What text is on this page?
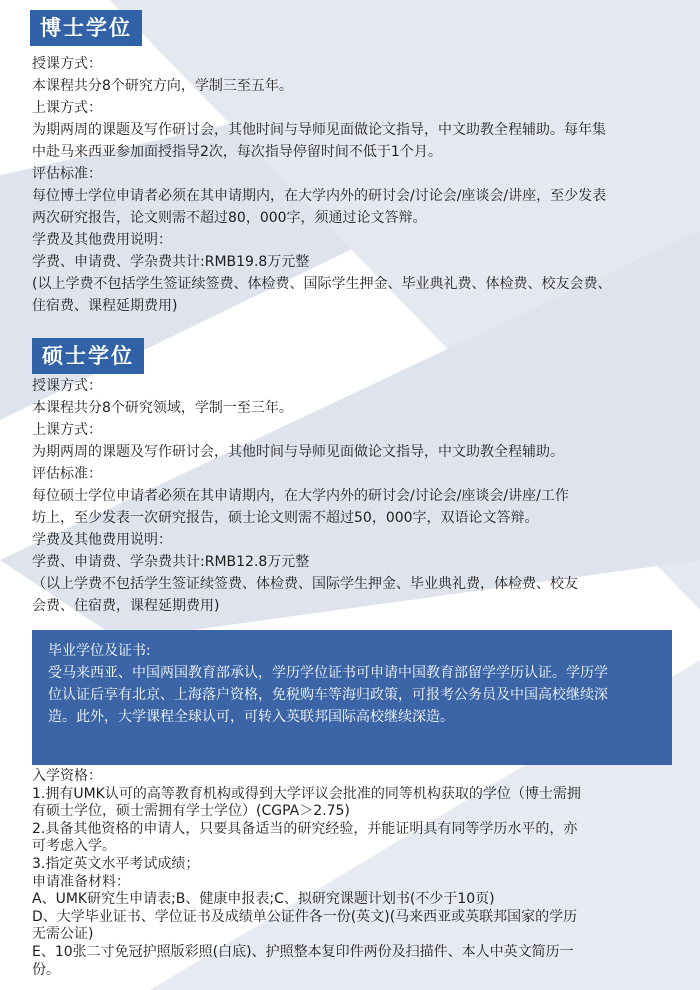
博士学位
授课方式：
本课程共分8个研究方向，学制三至五年。
上课方式：
为期两周的课题及写作研讨会，其他时间与导师见面做论文指导，中文助教全程辅助。每年集
中赴马来西亚参加面授指导2次，每次指导停留时间不低于1个月。
评估标准：
每位博士学位申请者必须在其申请期内，在大学内外的研讨会/讨论会/座谈会/讲座，至少发表
两次研究报告，论文则需不超过80，000字，须通过论文答辩。
学费及其他费用说明：
学费、申请费、学杂费共计:RMB19.8万元整
(以上学费不包括学生签证续签费、体检费、国际学生押金、毕业典礼费、体检费、校友会费、
住宿费、课程延期费用)
硕士学位
授课方式：
本课程共分8个研究领域，学制一至三年。
上课方式：
为期两周的课题及写作研讨会，其他时间与导师见面做论文指导，中文助教全程辅助。
评估标准：
每位硕士学位申请者必须在其申请期内，在大学内外的研讨会/讨论会/座谈会/讲座/工作
坊上，至少发表一次研究报告，硕士论文则需不超过50，000字，双语论文答辩。
学费及其他费用说明：
学费、申请费、学杂费共计:RMB12.8万元整
（以上学费不包括学生签证续签费、体检费、国际学生押金、毕业典礼费，体检费、校友
会费、住宿费，课程延期费用)
毕业学位及证书:
受马来西亚、中国两国教育部承认，学历学位证书可申请中国教育部留学学历认证。学历学
位认证后享有北京、上海落户资格，免税购车等海归政策，可报考公务员及中国高校继续深
造。此外，大学课程全球认可，可转入英联邦国际高校继续深造。
入学资格：
1.拥有UMK认可的高等教育机构或得到大学评议会批准的同等机构获取的学位（博士需拥
有硕士学位，硕士需拥有学士学位）(CGPA＞2.75)
2.具备其他资格的申请人，只要具备适当的研究经验，并能证明具有同等学历水平的，亦
可考虑入学。
3.指定英文水平考试成绩；
申请准备材料：
A、UMK研究生申请表;B、健康申报表;C、拟研究课题计划书(不少于10页)
D、大学毕业证书、学位证书及成绩单公证件各一份(英文)(马来西亚或英联邦国家的学历
无需公证)
E、10张二寸免冠护照版彩照(白底)、护照整本复印件两份及扫描件、本人中英文简历一
份。
